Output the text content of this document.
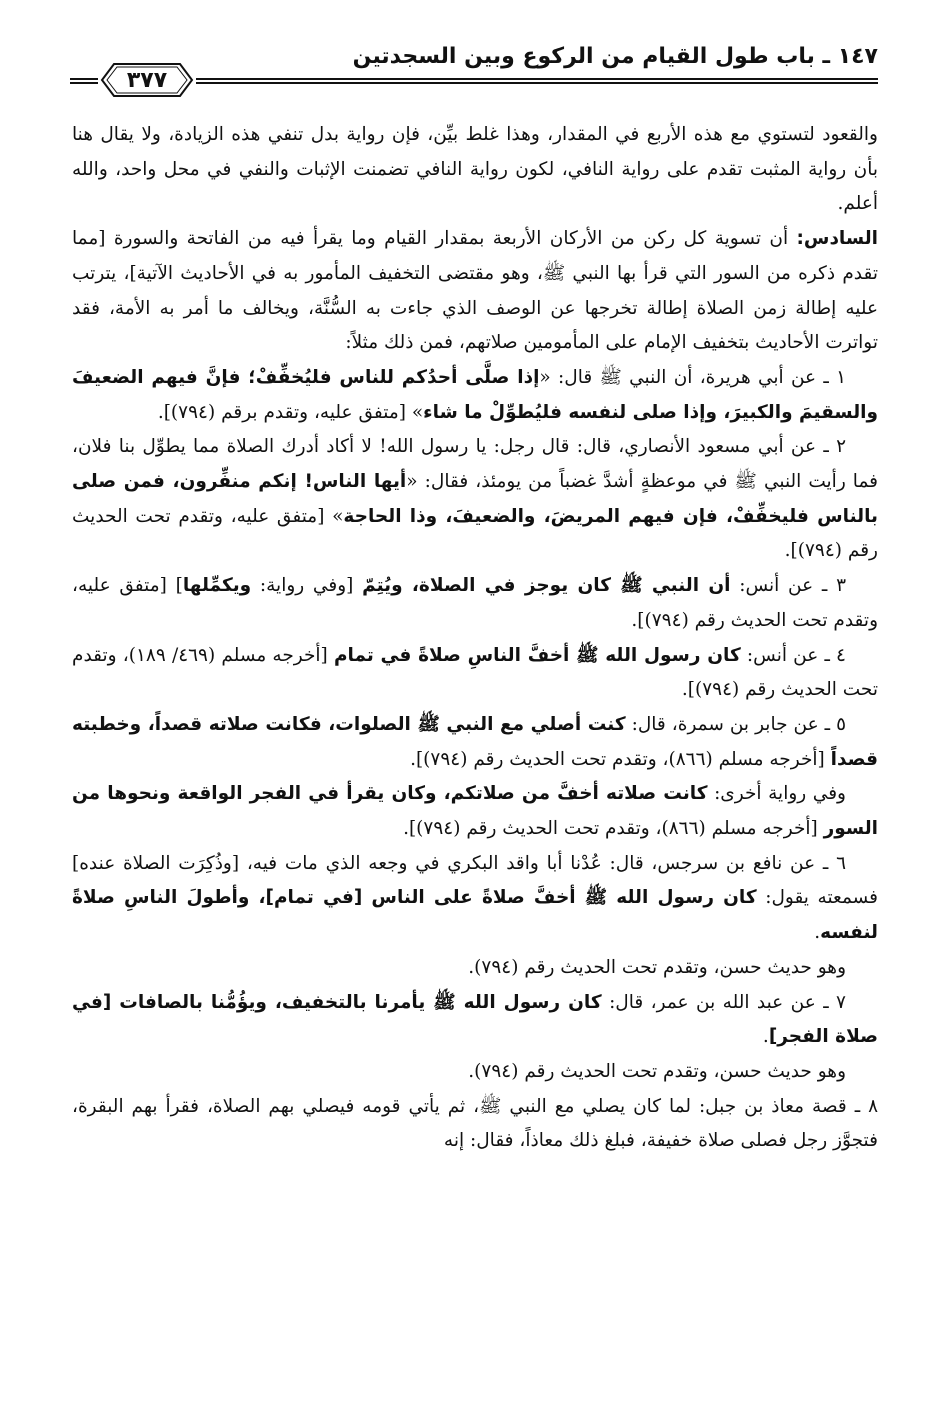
١٤٧ ـ باب طول القيام من الركوع وبين السجدتين
٣٧٧

والقعود لتستوي مع هذه الأربع في المقدار، وهذا غلط بيِّن، فإن رواية بدل تنفي هذه الزيادة، ولا يقال هنا بأن رواية المثبت تقدم على رواية النافي، لكون رواية النافي تضمنت الإثبات والنفي في محل واحد، والله أعلم.

السادس: أن تسوية كل ركن من الأركان الأربعة بمقدار القيام وما يقرأ فيه من الفاتحة والسورة [مما تقدم ذكره من السور التي قرأ بها النبي ﷺ، وهو مقتضى التخفيف المأمور به في الأحاديث الآتية]، يترتب عليه إطالة زمن الصلاة إطالة تخرجها عن الوصف الذي جاءت به السُّنَّة، ويخالف ما أمر به الأمة، فقد تواترت الأحاديث بتخفيف الإمام على المأمومين صلاتهم، فمن ذلك مثلاً:

١ ـ عن أبي هريرة، أن النبي ﷺ قال: «إذا صلَّى أحدُكم للناس فليُخفِّفْ؛ فإنَّ فيهم الضعيفَ والسقيمَ والكبيرَ، وإذا صلى لنفسه فليُطوِّلْ ما شاء» [متفق عليه، وتقدم برقم (٧٩٤)].

٢ ـ عن أبي مسعود الأنصاري، قال: قال رجل: يا رسول الله! لا أكاد أدرك الصلاة مما يطوِّل بنا فلان، فما رأيت النبي ﷺ في موعظةٍ أشدَّ غضباً من يومئذ، فقال: «أيها الناس! إنكم منفِّرون، فمن صلى بالناس فليخفِّفْ، فإن فيهم المريضَ، والضعيفَ، وذا الحاجة» [متفق عليه، وتقدم تحت الحديث رقم (٧٩٤)].

٣ ـ عن أنس: أن النبي ﷺ كان يوجز في الصلاة، ويُتِمّ [وفي رواية: ويكمِّلها] [متفق عليه، وتقدم تحت الحديث رقم (٧٩٤)].

٤ ـ عن أنس: كان رسول الله ﷺ أخفَّ الناسِ صلاةً في تمام [أخرجه مسلم (٤٦٩/ ١٨٩)، وتقدم تحت الحديث رقم (٧٩٤)].

٥ ـ عن جابر بن سمرة، قال: كنت أصلي مع النبي ﷺ الصلوات، فكانت صلاته قصداً، وخطبته قصداً [أخرجه مسلم (٨٦٦)، وتقدم تحت الحديث رقم (٧٩٤)].

وفي رواية أخرى: كانت صلاته أخفَّ من صلاتكم، وكان يقرأ في الفجر الواقعة ونحوها من السور [أخرجه مسلم (٨٦٦)، وتقدم تحت الحديث رقم (٧٩٤)].

٦ ـ عن نافع بن سرجس، قال: عُدْنا أبا واقد البكري في وجعه الذي مات فيه، [وذُكِرَت الصلاة عنده] فسمعته يقول: كان رسول الله ﷺ أخفَّ صلاةً على الناس [في تمام]، وأطولَ الناسِ صلاةً لنفسه.

وهو حديث حسن، وتقدم تحت الحديث رقم (٧٩٤).

٧ ـ عن عبد الله بن عمر، قال: كان رسول الله ﷺ يأمرنا بالتخفيف، ويؤُمُّنا بالصافات [في صلاة الفجر].

وهو حديث حسن، وتقدم تحت الحديث رقم (٧٩٤).

٨ ـ قصة معاذ بن جبل: لما كان يصلي مع النبي ﷺ، ثم يأتي قومه فيصلي بهم الصلاة، فقرأ بهم البقرة، فتجوَّز رجل فصلى صلاة خفيفة، فبلغ ذلك معاذاً، فقال: إنه
